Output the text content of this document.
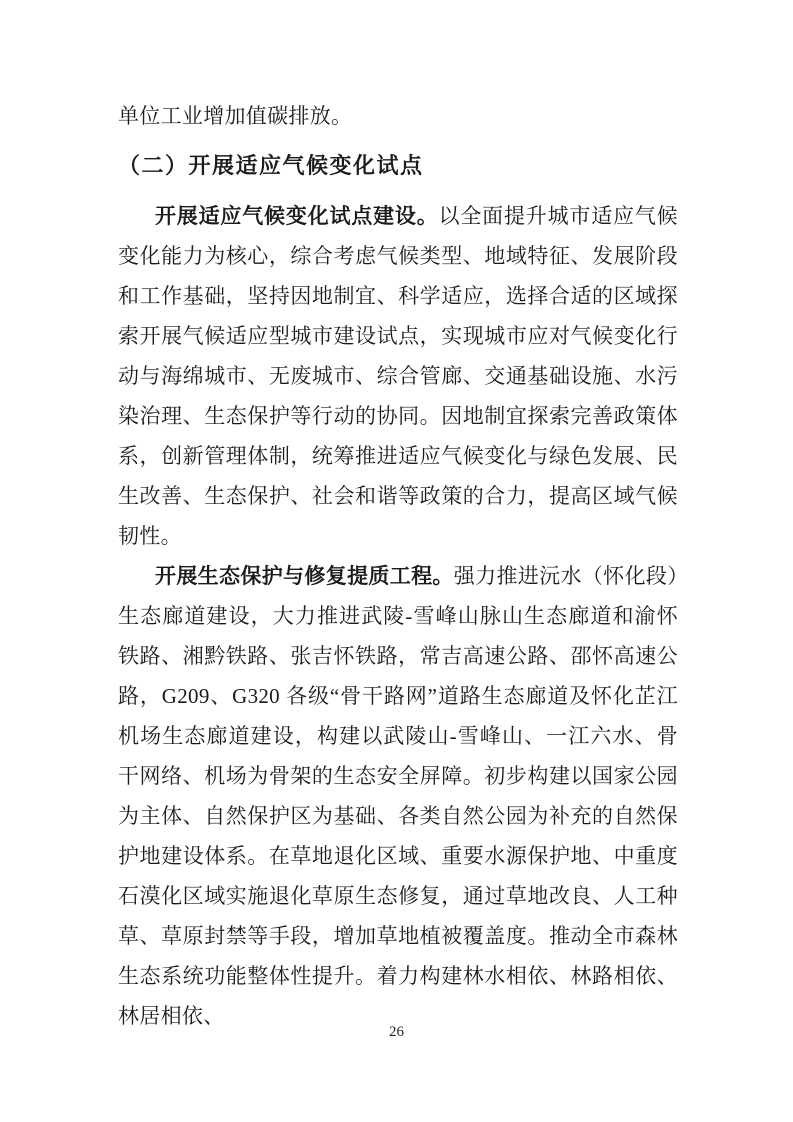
单位工业增加值碳排放。

（二）开展适应气候变化试点

开展适应气候变化试点建设。以全面提升城市适应气候变化能力为核心，综合考虑气候类型、地域特征、发展阶段和工作基础，坚持因地制宜、科学适应，选择合适的区域探索开展气候适应型城市建设试点，实现城市应对气候变化行动与海绵城市、无废城市、综合管廊、交通基础设施、水污染治理、生态保护等行动的协同。因地制宜探索完善政策体系，创新管理体制，统筹推进适应气候变化与绿色发展、民生改善、生态保护、社会和谐等政策的合力，提高区域气候韧性。

开展生态保护与修复提质工程。强力推进沅水（怀化段）生态廊道建设，大力推进武陵-雪峰山脉山生态廊道和渝怀铁路、湘黔铁路、张吉怀铁路，常吉高速公路、邵怀高速公路，G209、G320 各级“骨干路网”道路生态廊道及怀化芷江机场生态廊道建设，构建以武陵山-雪峰山、一江六水、骨干网络、机场为骨架的生态安全屏障。初步构建以国家公园为主体、自然保护区为基础、各类自然公园为补充的自然保护地建设体系。在草地退化区域、重要水源保护地、中重度石漠化区域实施退化草原生态修复，通过草地改良、人工种草、草原封禁等手段，增加草地植被覆盖度。推动全市森林生态系统功能整体性提升。着力构建林水相依、林路相依、林居相依、

26
